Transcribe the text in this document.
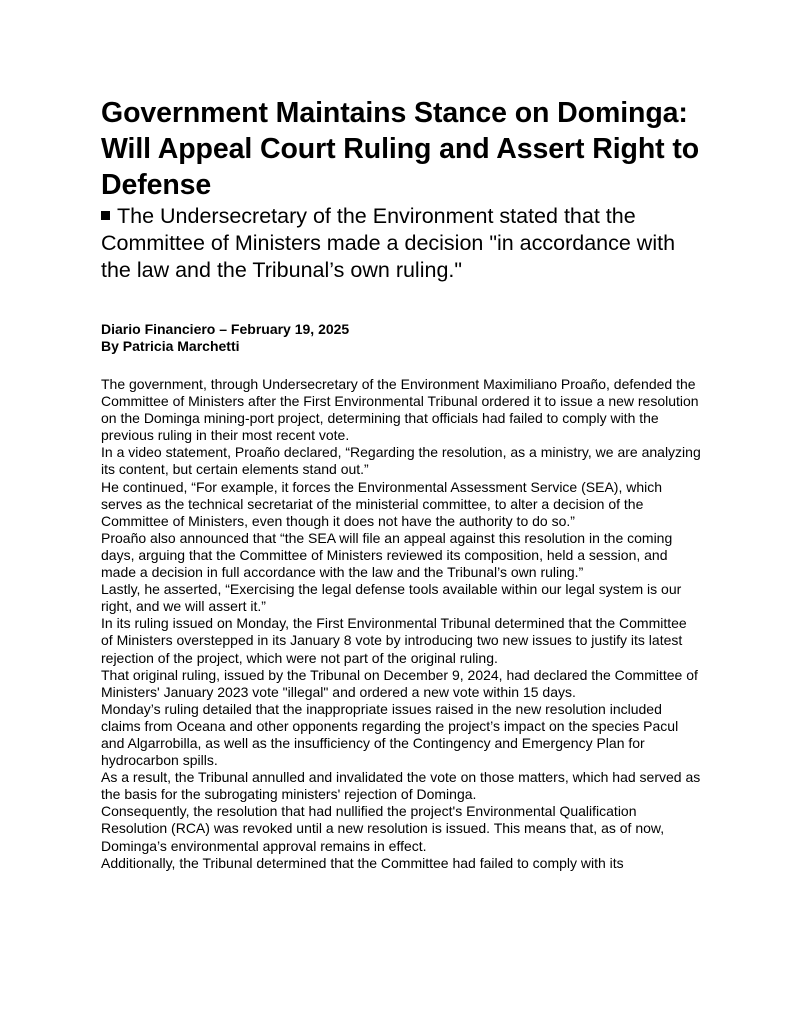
Government Maintains Stance on Dominga: Will Appeal Court Ruling and Assert Right to Defense

The Undersecretary of the Environment stated that the Committee of Ministers made a decision "in accordance with the law and the Tribunal’s own ruling."

Diario Financiero – February 19, 2025
By Patricia Marchetti

The government, through Undersecretary of the Environment Maximiliano Proaño, defended the Committee of Ministers after the First Environmental Tribunal ordered it to issue a new resolution on the Dominga mining-port project, determining that officials had failed to comply with the previous ruling in their most recent vote.

In a video statement, Proaño declared, “Regarding the resolution, as a ministry, we are analyzing its content, but certain elements stand out.”

He continued, “For example, it forces the Environmental Assessment Service (SEA), which serves as the technical secretariat of the ministerial committee, to alter a decision of the Committee of Ministers, even though it does not have the authority to do so.”

Proaño also announced that “the SEA will file an appeal against this resolution in the coming days, arguing that the Committee of Ministers reviewed its composition, held a session, and made a decision in full accordance with the law and the Tribunal’s own ruling.”

Lastly, he asserted, “Exercising the legal defense tools available within our legal system is our right, and we will assert it.”

In its ruling issued on Monday, the First Environmental Tribunal determined that the Committee of Ministers overstepped in its January 8 vote by introducing two new issues to justify its latest rejection of the project, which were not part of the original ruling.

That original ruling, issued by the Tribunal on December 9, 2024, had declared the Committee of Ministers' January 2023 vote "illegal" and ordered a new vote within 15 days.

Monday’s ruling detailed that the inappropriate issues raised in the new resolution included claims from Oceana and other opponents regarding the project’s impact on the species Pacul and Algarrobilla, as well as the insufficiency of the Contingency and Emergency Plan for hydrocarbon spills.

As a result, the Tribunal annulled and invalidated the vote on those matters, which had served as the basis for the subrogating ministers' rejection of Dominga.

Consequently, the resolution that had nullified the project's Environmental Qualification Resolution (RCA) was revoked until a new resolution is issued. This means that, as of now, Dominga’s environmental approval remains in effect.

Additionally, the Tribunal determined that the Committee had failed to comply with its
